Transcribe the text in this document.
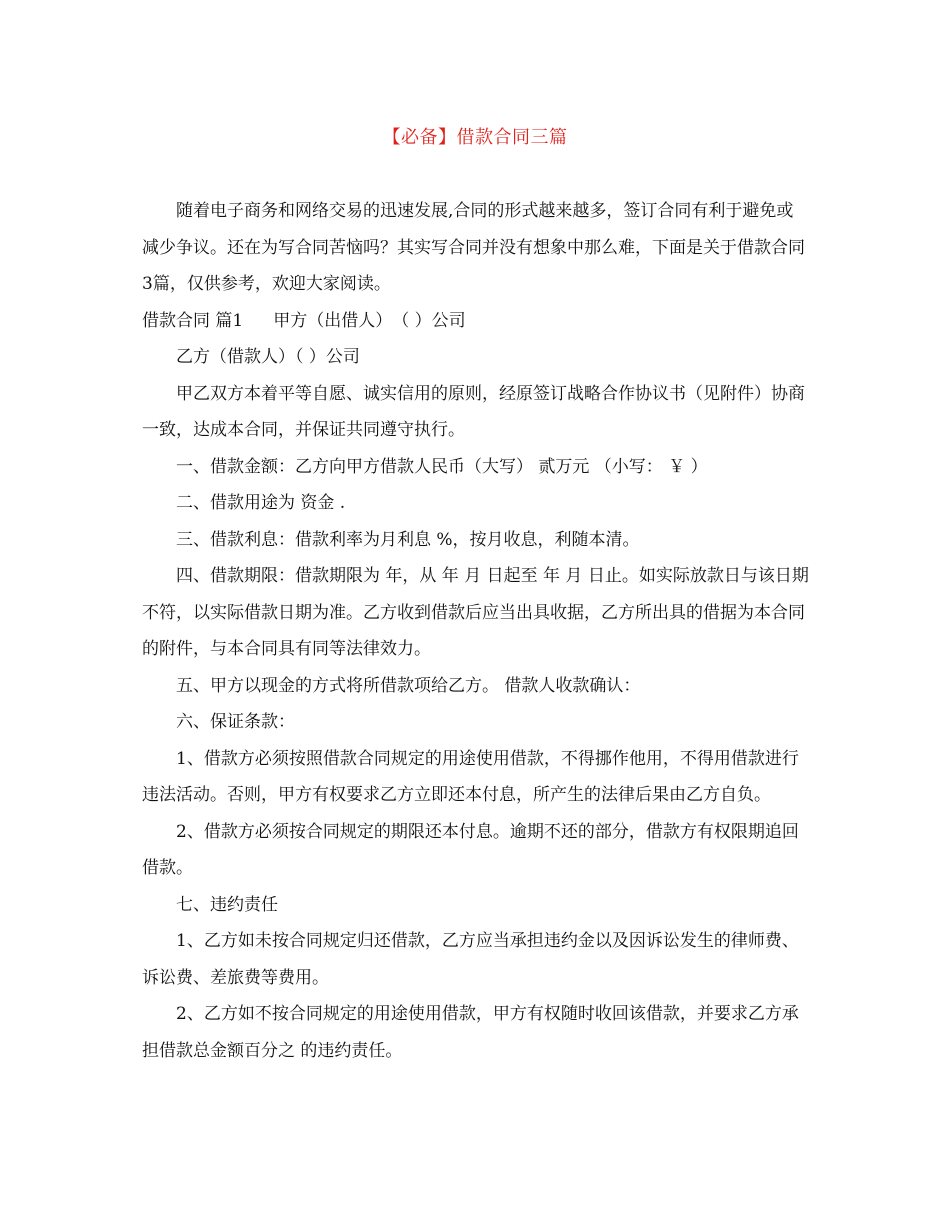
【必备】借款合同三篇

随着电子商务和网络交易的迅速发展,合同的形式越来越多，签订合同有利于避免或减少争议。还在为写合同苦恼吗？其实写合同并没有想象中那么难，下面是关于借款合同3篇，仅供参考，欢迎大家阅读。

借款合同 篇1 甲方（出借人）　（ ）公司

乙方（借款人）（ ）公司

甲乙双方本着平等自愿、诚实信用的原则，经原签订战略合作协议书（见附件）协商一致，达成本合同，并保证共同遵守执行。

一、借款金额：乙方向甲方借款人民币（大写） 贰万元 （小写： ￥ ）

二、借款用途为 资金 .

三、借款利息：借款利率为月利息 %，按月收息，利随本清。

四、借款期限：借款期限为 年，从 年 月 日起至 年 月 日止。如实际放款日与该日期不符，以实际借款日期为准。乙方收到借款后应当出具收据，乙方所出具的借据为本合同的附件，与本合同具有同等法律效力。

五、甲方以现金的方式将所借款项给乙方。 借款人收款确认：

六、保证条款：

1、借款方必须按照借款合同规定的用途使用借款，不得挪作他用，不得用借款进行违法活动。否则，甲方有权要求乙方立即还本付息，所产生的法律后果由乙方自负。

2、借款方必须按合同规定的期限还本付息。逾期不还的部分，借款方有权限期追回借款。

七、违约责任

1、乙方如未按合同规定归还借款，乙方应当承担违约金以及因诉讼发生的律师费、诉讼费、差旅费等费用。

2、乙方如不按合同规定的用途使用借款，甲方有权随时收回该借款，并要求乙方承担借款总金额百分之 的违约责任。
